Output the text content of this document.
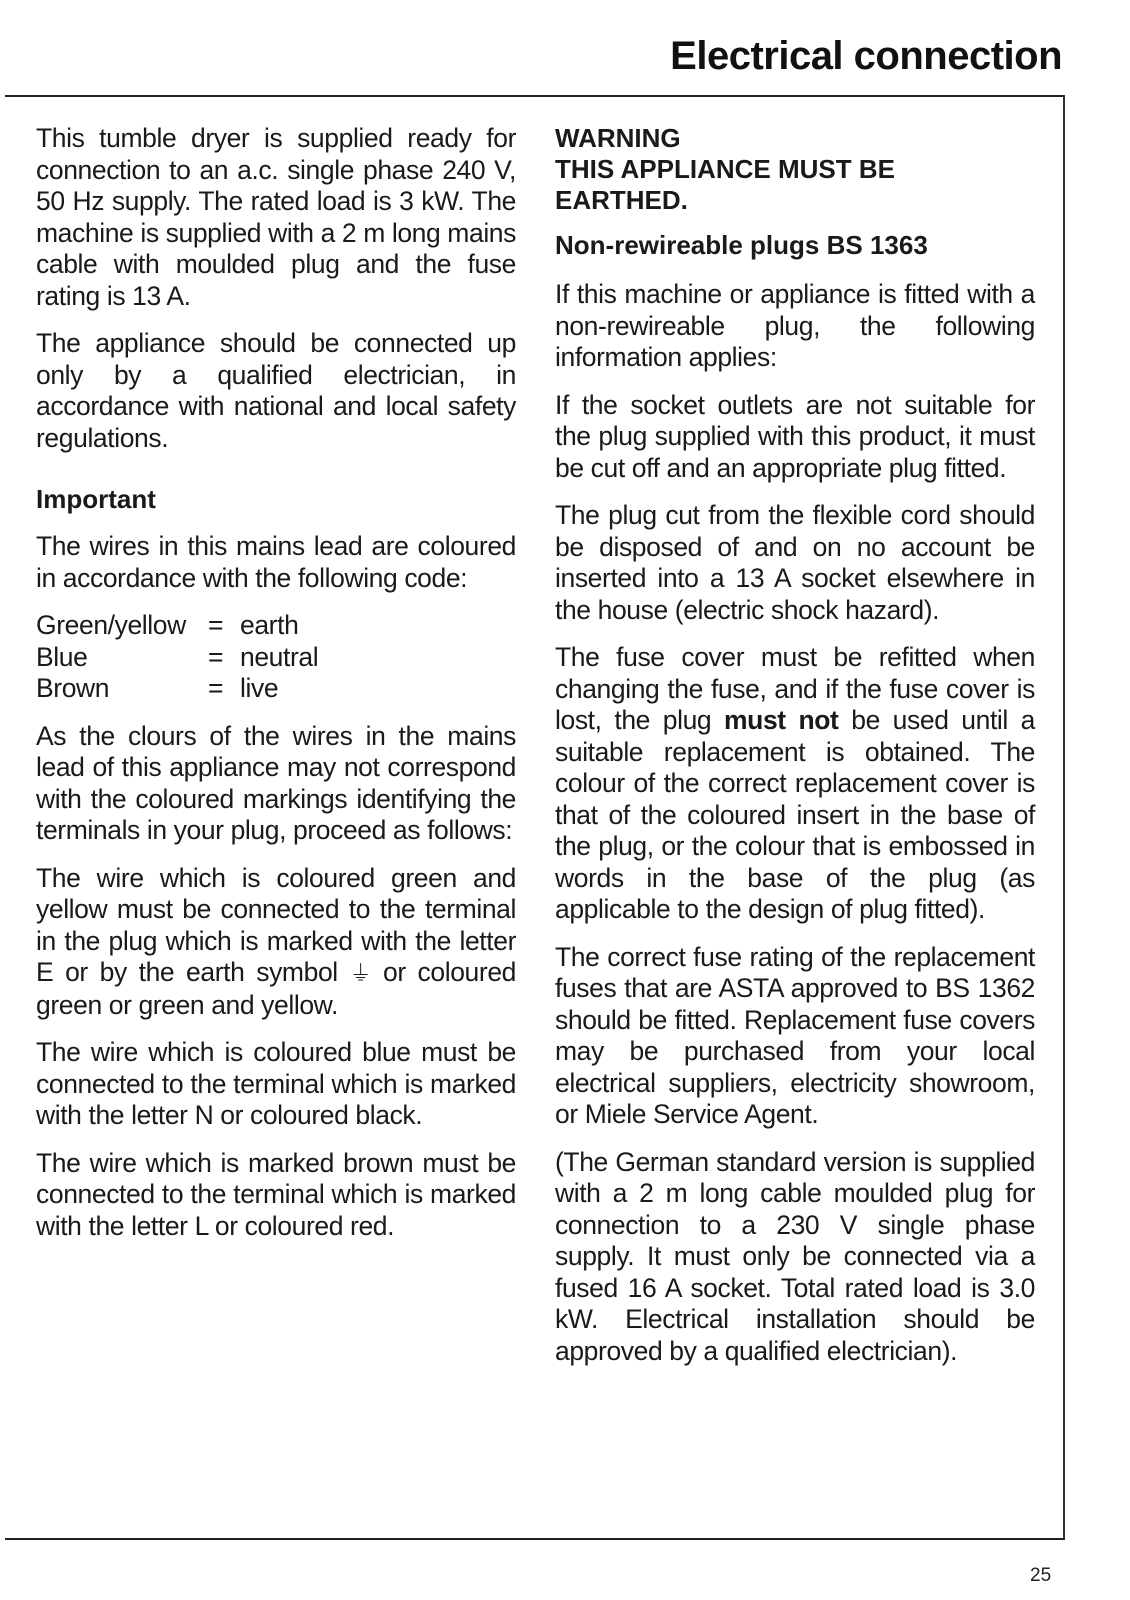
Electrical connection

This tumble dryer is supplied ready for connection to an a.c. single phase 240 V, 50 Hz supply. The rated load is 3 kW. The machine is supplied with a 2 m long mains cable with moulded plug and the fuse rating is 13 A.

The appliance should be connected up only by a qualified electrician, in accordance with national and local safety regulations.

Important

The wires in this mains lead are coloured in accordance with the following code:

Green/yellow = earth
Blue	= neutral
Brown	= live

As the clours of the wires in the mains lead of this appliance may not correspond with the coloured markings identifying the terminals in your plug, proceed as follows:

The wire which is coloured green and yellow must be connected to the terminal in the plug which is marked with the letter E or by the earth symbol ⏚ or coloured green or green and yellow.

The wire which is coloured blue must be connected to the terminal which is marked with the letter N or coloured black.

The wire which is marked brown must be connected to the terminal which is marked with the letter L or coloured red.

WARNING
THIS APPLIANCE MUST BE
EARTHED.
Non-rewireable plugs BS 1363

If this machine or appliance is fitted with a non-rewireable plug, the following information applies:

If the socket outlets are not suitable for the plug supplied with this product, it must be cut off and an appropriate plug fitted.

The plug cut from the flexible cord should be disposed of and on no account be inserted into a 13 A socket elsewhere in the house (electric shock hazard).

The fuse cover must be refitted when changing the fuse, and if the fuse cover is lost, the plug must not be used until a suitable replacement is obtained. The colour of the correct replacement cover is that of the coloured insert in the base of the plug, or the colour that is embossed in words in the base of the plug (as applicable to the design of plug fitted).

The correct fuse rating of the replacement fuses that are ASTA approved to BS 1362 should be fitted. Replacement fuse covers may be purchased from your local electrical suppliers, electricity showroom, or Miele Service Agent.

(The German standard version is supplied with a 2 m long cable moulded plug for connection to a 230 V single phase supply. It must only be connected via a fused 16 A socket. Total rated load is 3.0 kW. Electrical installation should be approved by a qualified electrician).

25
